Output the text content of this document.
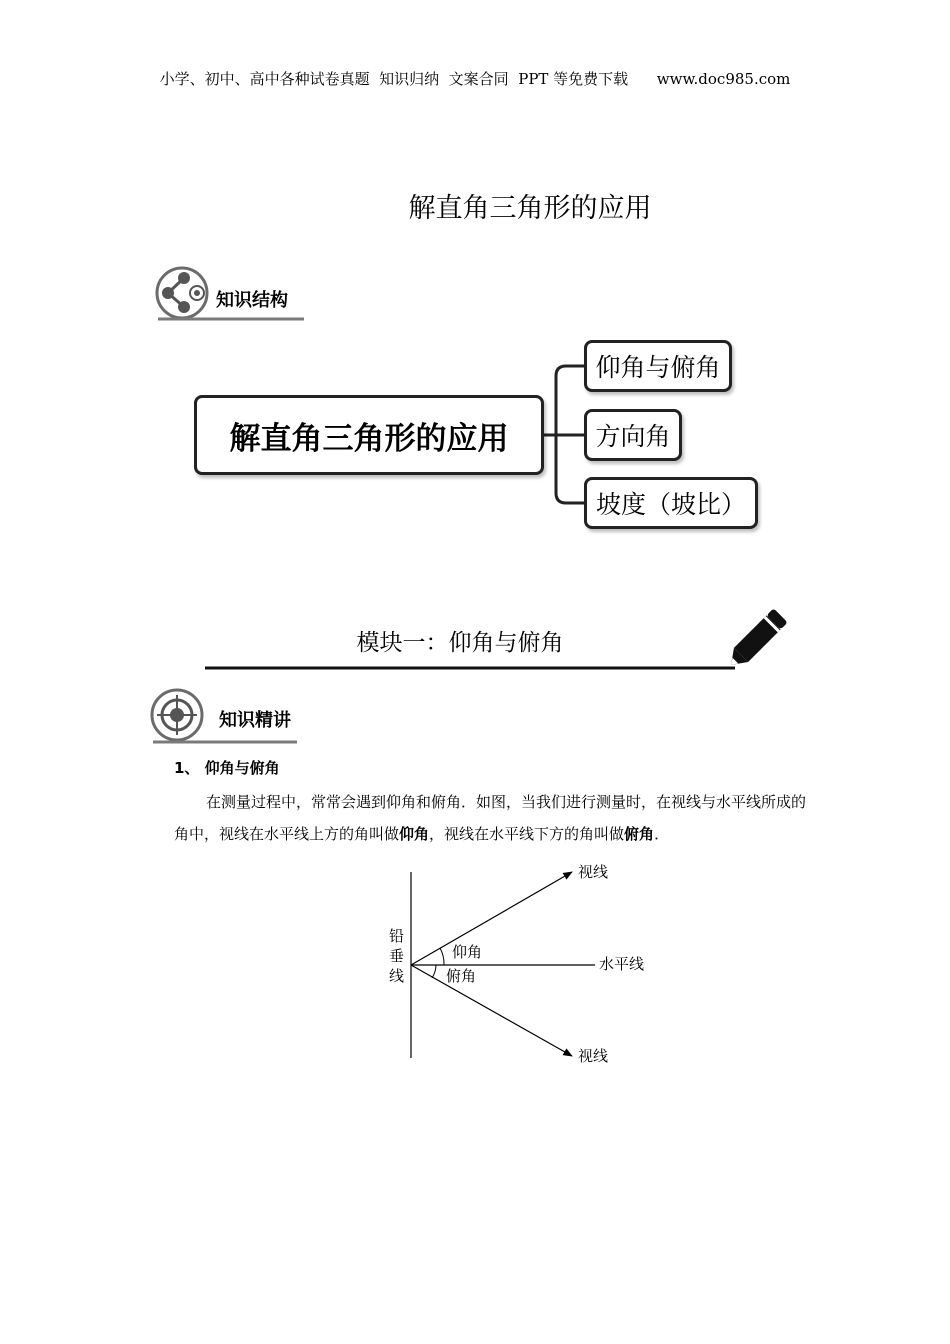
小学、初中、高中各种试卷真题  知识归纳  文案合同  PPT 等免费下载      www.doc985.com
解直角三角形的应用
知识结构
解直角三角形的应用
仰角与俯角
方向角
坡度（坡比）
模块一：仰角与俯角
知识精讲
1、 仰角与俯角
在测量过程中，常常会遇到仰角和俯角．如图，当我们进行测量时，在视线与水平线所成的角中，视线在水平线上方的角叫做仰角，视线在水平线下方的角叫做俯角．
视线
视线
水平线
铅
垂
线
仰角
俯角
